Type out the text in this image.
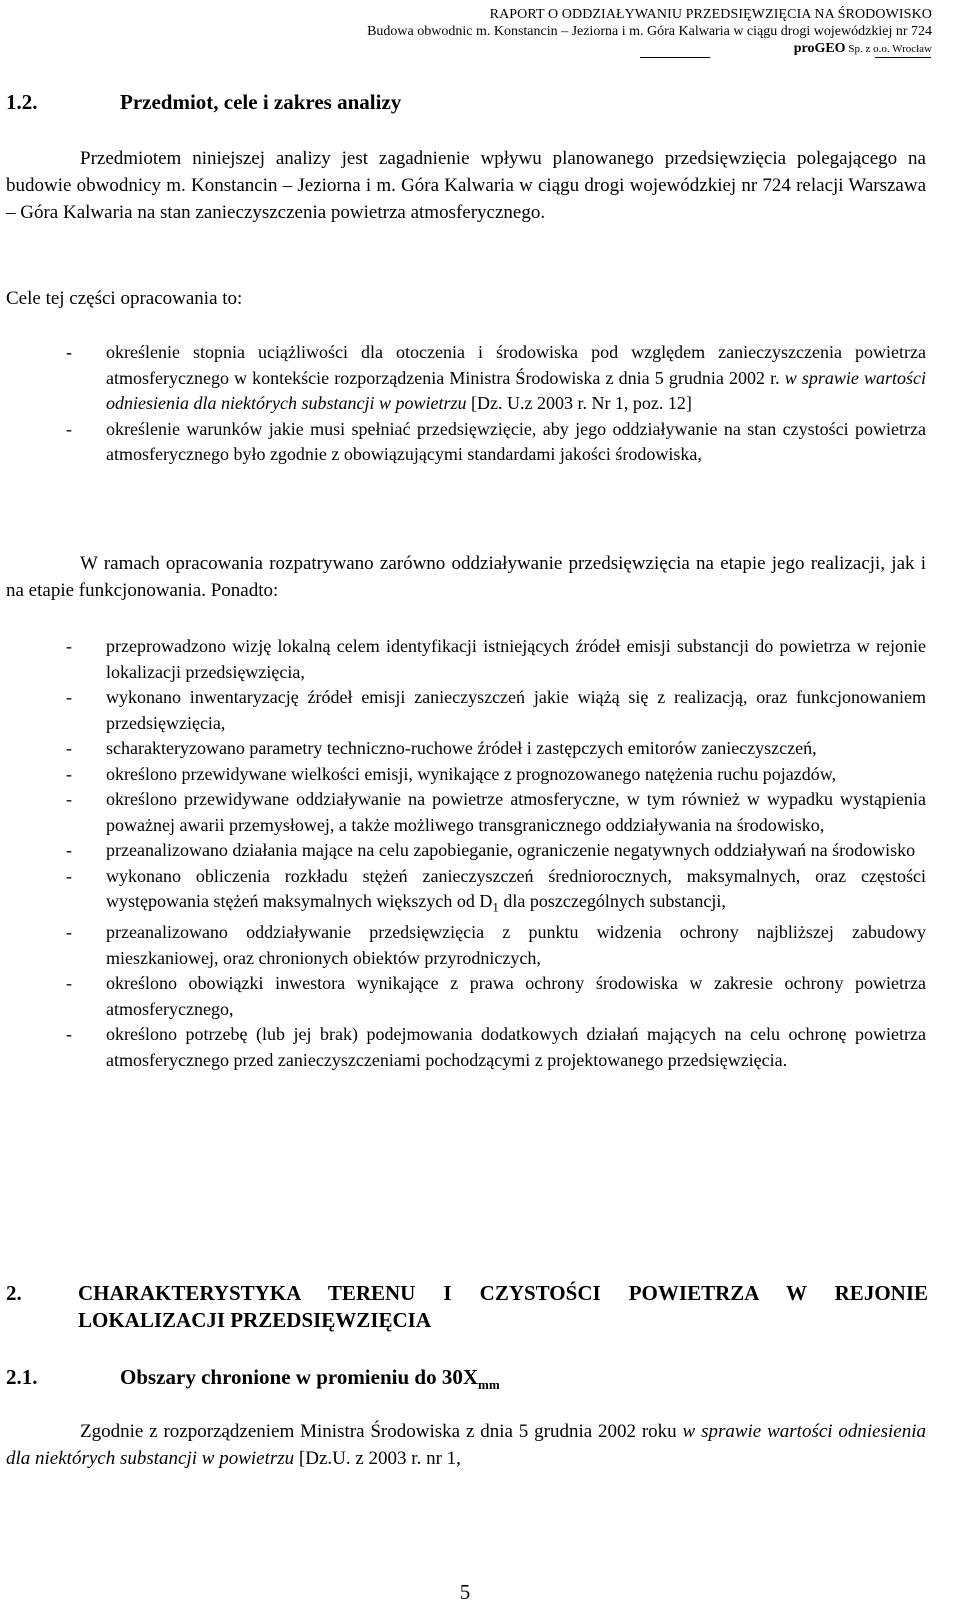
RAPORT O ODDZIAŁYWANIU PRZEDSIĘWZIĘCIA NA ŚRODOWISKO
Budowa obwodnic m. Konstancin – Jeziorna i m. Góra Kalwaria w ciągu drogi wojewódzkiej nr 724
proGEO Sp. z o.o. Wrocław
1.2.	Przedmiot, cele i zakres analizy
Przedmiotem niniejszej analizy jest zagadnienie wpływu planowanego przedsięwzięcia polegającego na budowie obwodnicy m. Konstancin – Jeziorna i m. Góra Kalwaria w ciągu drogi wojewódzkiej nr 724 relacji Warszawa – Góra Kalwaria na stan zanieczyszczenia powietrza atmosferycznego.
Cele tej części opracowania to:
- określenie stopnia uciążliwości dla otoczenia i środowiska pod względem zanieczyszczenia powietrza atmosferycznego w kontekście rozporządzenia Ministra Środowiska z dnia 5 grudnia 2002 r. w sprawie wartości odniesienia dla niektórych substancji w powietrzu [Dz. U.z 2003 r. Nr 1, poz. 12]
- określenie warunków jakie musi spełniać przedsięwzięcie, aby jego oddziaływanie na stan czystości powietrza atmosferycznego było zgodnie z obowiązującymi standardami jakości środowiska,
W ramach opracowania rozpatrywano zarówno oddziaływanie przedsięwzięcia na etapie jego realizacji, jak i na etapie funkcjonowania. Ponadto:
- przeprowadzono wizję lokalną celem identyfikacji istniejących źródeł emisji substancji do powietrza w rejonie lokalizacji przedsięwzięcia,
- wykonano inwentaryzację źródeł emisji zanieczyszczeń jakie wiążą się z realizacją, oraz funkcjonowaniem przedsięwzięcia,
- scharakteryzowano parametry techniczno-ruchowe źródeł i zastępczych emitorów zanieczyszczeń,
- określono przewidywane wielkości emisji, wynikające z prognozowanego natężenia ruchu pojazdów,
- określono przewidywane oddziaływanie na powietrze atmosferyczne, w tym również w wypadku wystąpienia poważnej awarii przemysłowej, a także możliwego transgranicznego oddziaływania na środowisko,
- przeanalizowano działania mające na celu zapobieganie, ograniczenie negatywnych oddziaływań na środowisko
- wykonano obliczenia rozkładu stężeń zanieczyszczeń średniorocznych, maksymalnych, oraz częstości występowania stężeń maksymalnych większych od $D_1$ dla poszczególnych substancji,
- przeanalizowano oddziaływanie przedsięwzięcia z punktu widzenia ochrony najbliższej zabudowy mieszkaniowej, oraz chronionych obiektów przyrodniczych,
- określono obowiązki inwestora wynikające z prawa ochrony środowiska w zakresie ochrony powietrza atmosferycznego,
- określono potrzebę (lub jej brak) podejmowania dodatkowych działań mających na celu ochronę powietrza atmosferycznego przed zanieczyszczeniami pochodzącymi z projektowanego przedsięwzięcia.
2.	CHARAKTERYSTYKA TERENU I CZYSTOŚCI POWIETRZA W REJONIE
LOKALIZACJI PRZEDSIĘWZIĘCIA
2.1.	Obszary chronione w promieniu do $30X_{mm}$
Zgodnie z rozporządzeniem Ministra Środowiska z dnia 5 grudnia 2002 roku w sprawie wartości odniesienia dla niektórych substancji w powietrzu [Dz.U. z 2003 r. nr 1,
5
